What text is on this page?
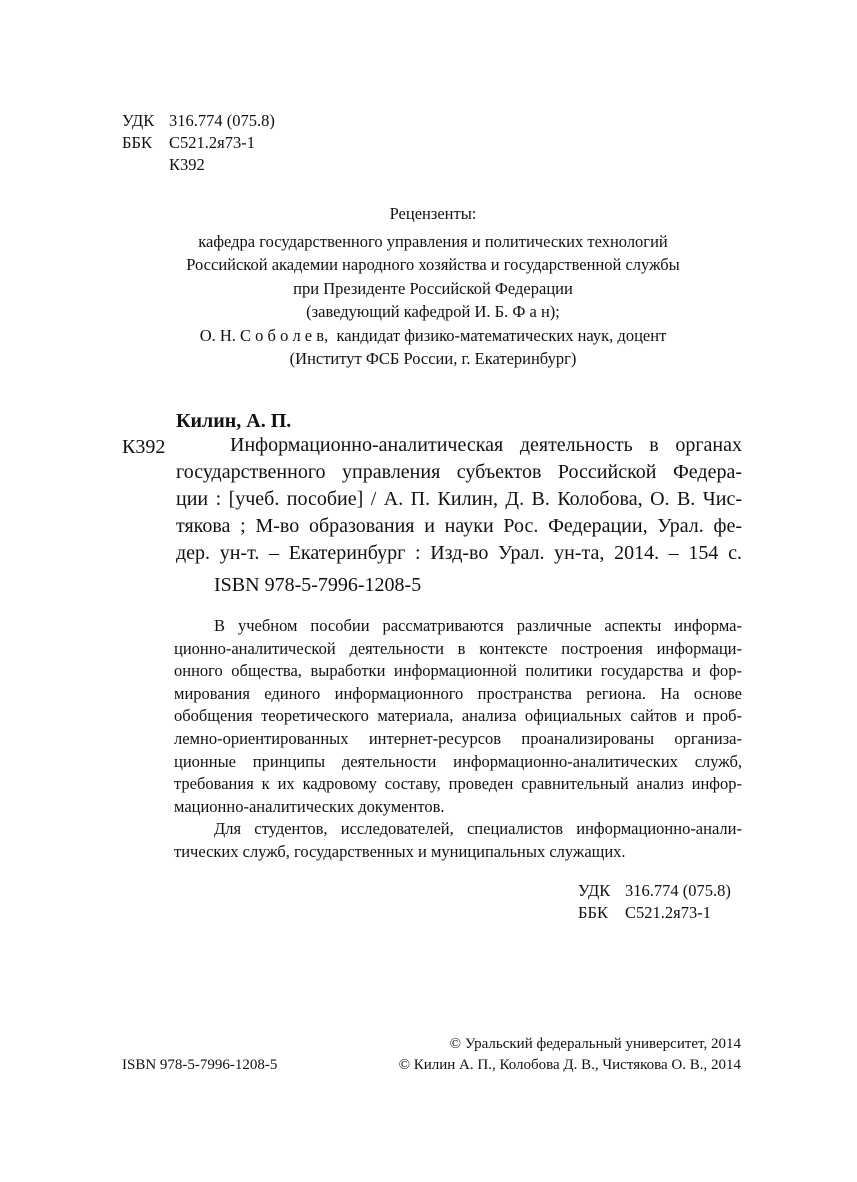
УДК 316.774 (075.8)
ББК С521.2я73-1
К392
Рецензенты:
кафедра государственного управления и политических технологий
Российской академии народного хозяйства и государственной службы
при Президенте Российской Федерации
(заведующий кафедрой И. Б. Ф а н);
О. Н. С о б о л е в, кандидат физико-математических наук, доцент
(Институт ФСБ России, г. Екатеринбург)
Килин, А. П.
К392	Информационно-аналитическая деятельность в органах
государственного управления субъектов Российской Федера-
ции : [учеб. пособие] / А. П. Килин, Д. В. Колобова, О. В. Чис-
тякова ; М-во образования и науки Рос. Федерации, Урал. фе-
дер. ун-т. – Екатеринбург : Изд-во Урал. ун-та, 2014. – 154 с.
ISBN 978-5-7996-1208-5
В учебном пособии рассматриваются различные аспекты информа-
ционно-аналитической деятельности в контексте построения информаци-
онного общества, выработки информационной политики государства и фор-
мирования единого информационного пространства региона. На основе
обобщения теоретического материала, анализа официальных сайтов и проб-
лемно-ориентированных интернет-ресурсов проанализированы организа-
ционные принципы деятельности информационно-аналитических служб,
требования к их кадровому составу, проведен сравнительный анализ инфор-
мационно-аналитических документов.
Для студентов, исследователей, специалистов информационно-анали-
тических служб, государственных и муниципальных служащих.
УДК 316.774 (075.8)
ББК С521.2я73-1
© Уральский федеральный университет, 2014
© Килин А. П., Колобова Д. В., Чистякова О. В., 2014
ISBN 978-5-7996-1208-5
